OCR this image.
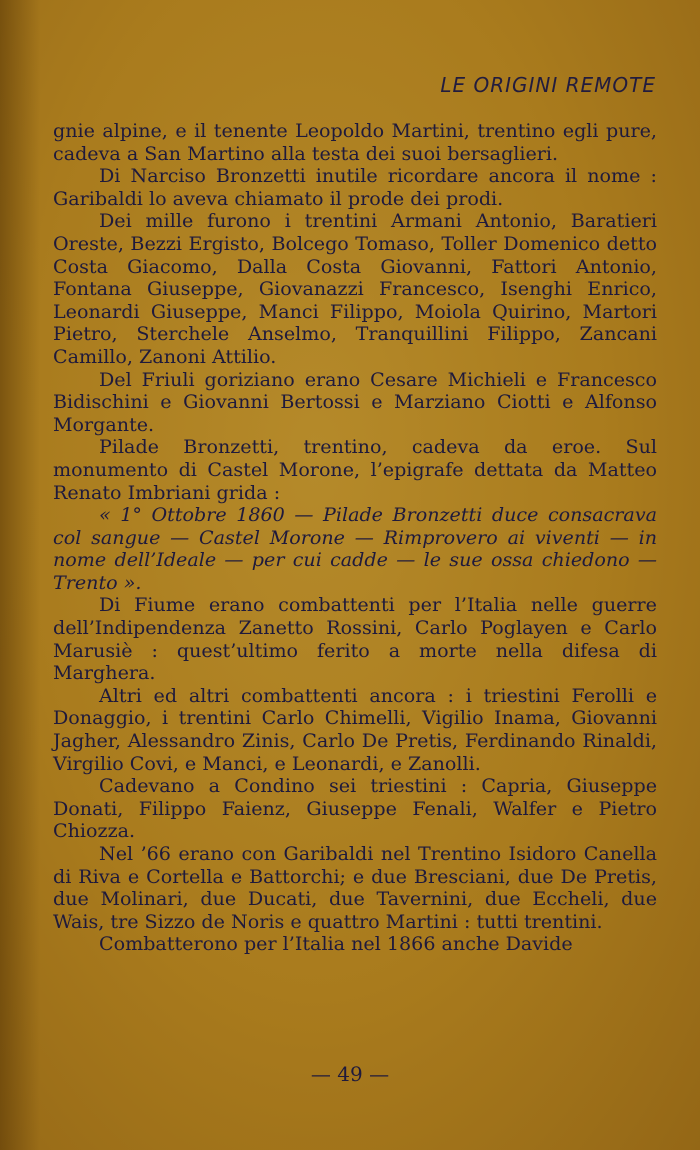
LE ORIGINI REMOTE

gnie alpine, e il tenente Leopoldo Martini, trentino egli pure, cadeva a San Martino alla testa dei suoi bersaglieri.

Di Narciso Bronzetti inutile ricordare ancora il nome : Garibaldi lo aveva chiamato il prode dei prodi.

Dei mille furono i trentini Armani Antonio, Baratieri Oreste, Bezzi Ergisto, Bolcego Tomaso, Toller Domenico detto Costa Giacomo, Dalla Costa Giovanni, Fattori Antonio, Fontana Giuseppe, Giovanazzi Francesco, Isenghi Enrico, Leonardi Giuseppe, Manci Filippo, Moiola Quirino, Martori Pietro, Sterchele Anselmo, Tranquillini Filippo, Zancani Camillo, Zanoni Attilio.

Del Friuli goriziano erano Cesare Michieli e Francesco Bidischini e Giovanni Bertossi e Marziano Ciotti e Alfonso Morgante.

Pilade Bronzetti, trentino, cadeva da eroe. Sul monumento di Castel Morone, l’epigrafe dettata da Matteo Renato Imbriani grida :

« 1° Ottobre 1860 — Pilade Bronzetti duce consacrava col sangue — Castel Morone — Rimprovero ai viventi — in nome dell’Ideale — per cui cadde — le sue ossa chiedono — Trento ».

Di Fiume erano combattenti per l’Italia nelle guerre dell’Indipendenza Zanetto Rossini, Carlo Poglayen e Carlo Marusiè : quest’ultimo ferito a morte nella difesa di Marghera.

Altri ed altri combattenti ancora : i triestini Ferolli e Donaggio, i trentini Carlo Chimelli, Vigilio Inama, Giovanni Jagher, Alessandro Zinis, Carlo De Pretis, Ferdinando Rinaldi, Virgilio Covi, e Manci, e Leonardi, e Zanolli.

Cadevano a Condino sei triestini : Capria, Giuseppe Donati, Filippo Faienz, Giuseppe Fenali, Walfer e Pietro Chiozza.

Nel ’66 erano con Garibaldi nel Trentino Isidoro Canella di Riva e Cortella e Battorchi; e due Bresciani, due De Pretis, due Molinari, due Ducati, due Tavernini, due Eccheli, due Wais, tre Sizzo de Noris e quattro Martini : tutti trentini.

Combatterono per l’Italia nel 1866 anche Davide

— 49 —
